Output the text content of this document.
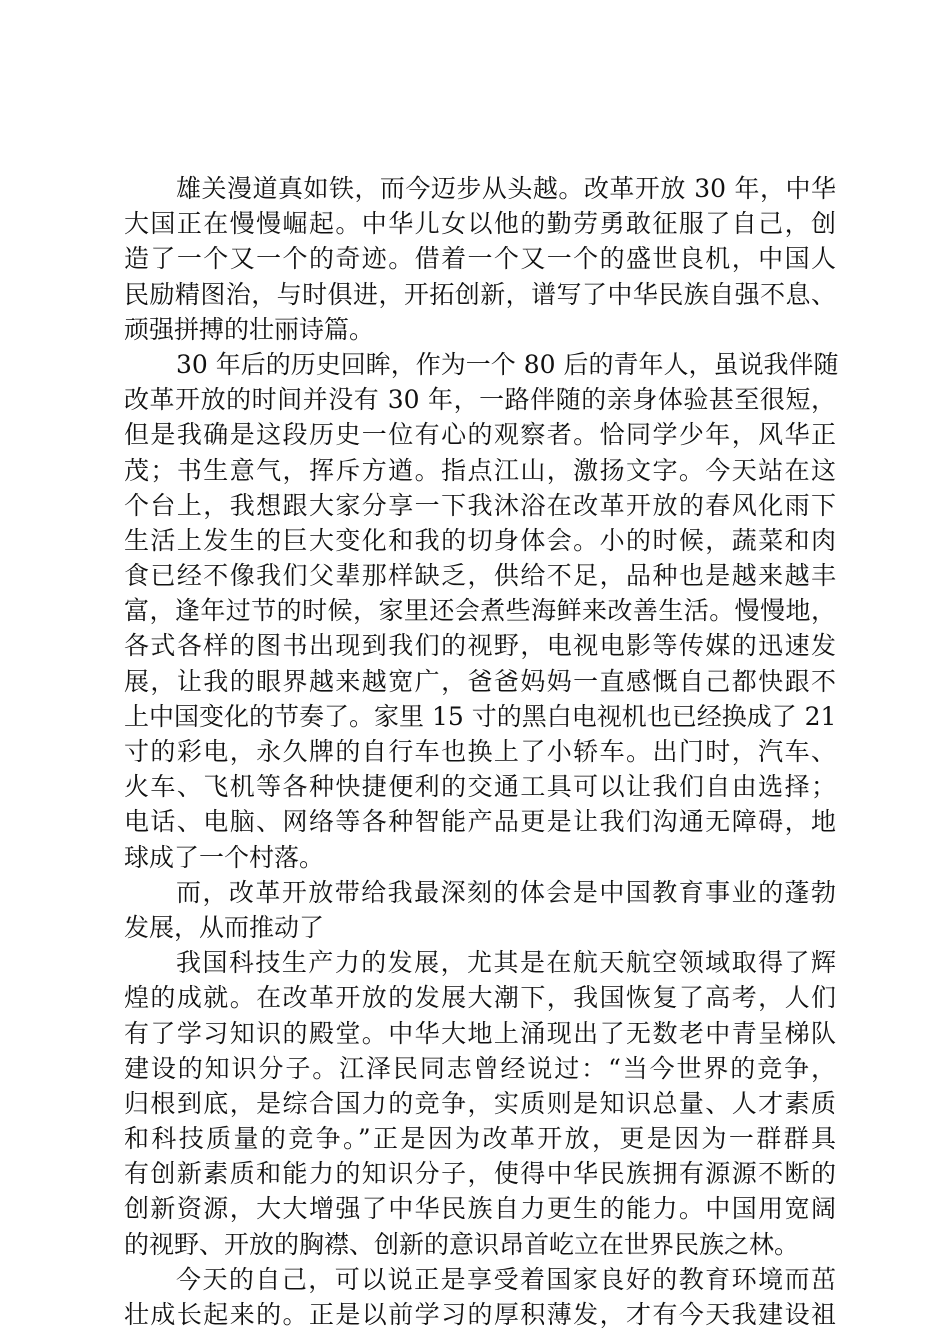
雄关漫道真如铁，而今迈步从头越。改革开放 30 年，中华
大国正在慢慢崛起。中华儿女以他的勤劳勇敢征服了自己，创
造了一个又一个的奇迹。借着一个又一个的盛世良机，中国人
民励精图治，与时俱进，开拓创新，谱写了中华民族自强不息、
顽强拼搏的壮丽诗篇。
30 年后的历史回眸，作为一个 80 后的青年人，虽说我伴随
改革开放的时间并没有 30 年，一路伴随的亲身体验甚至很短，
但是我确是这段历史一位有心的观察者。恰同学少年，风华正
茂；书生意气，挥斥方遒。指点江山，激扬文字。今天站在这
个台上，我想跟大家分享一下我沐浴在改革开放的春风化雨下
生活上发生的巨大变化和我的切身体会。小的时候，蔬菜和肉
食已经不像我们父辈那样缺乏，供给不足，品种也是越来越丰
富，逢年过节的时候，家里还会煮些海鲜来改善生活。慢慢地，
各式各样的图书出现到我们的视野，电视电影等传媒的迅速发
展，让我的眼界越来越宽广，爸爸妈妈一直感慨自己都快跟不
上中国变化的节奏了。家里 15 寸的黑白电视机也已经换成了 21
寸的彩电，永久牌的自行车也换上了小轿车。出门时，汽车、
火车、飞机等各种快捷便利的交通工具可以让我们自由选择；
电话、电脑、网络等各种智能产品更是让我们沟通无障碍，地
球成了一个村落。
而，改革开放带给我最深刻的体会是中国教育事业的蓬勃
发展，从而推动了
我国科技生产力的发展，尤其是在航天航空领域取得了辉
煌的成就。在改革开放的发展大潮下，我国恢复了高考，人们
有了学习知识的殿堂。中华大地上涌现出了无数老中青呈梯队
建设的知识分子。江泽民同志曾经说过：“当今世界的竞争，
归根到底，是综合国力的竞争，实质则是知识总量、人才素质
和科技质量的竞争。”正是因为改革开放，更是因为一群群具
有创新素质和能力的知识分子，使得中华民族拥有源源不断的
创新资源，大大增强了中华民族自力更生的能力。中国用宽阔
的视野、开放的胸襟、创新的意识昂首屹立在世界民族之林。
今天的自己，可以说正是享受着国家良好的教育环境而茁
壮成长起来的。正是以前学习的厚积薄发，才有今天我建设祖
